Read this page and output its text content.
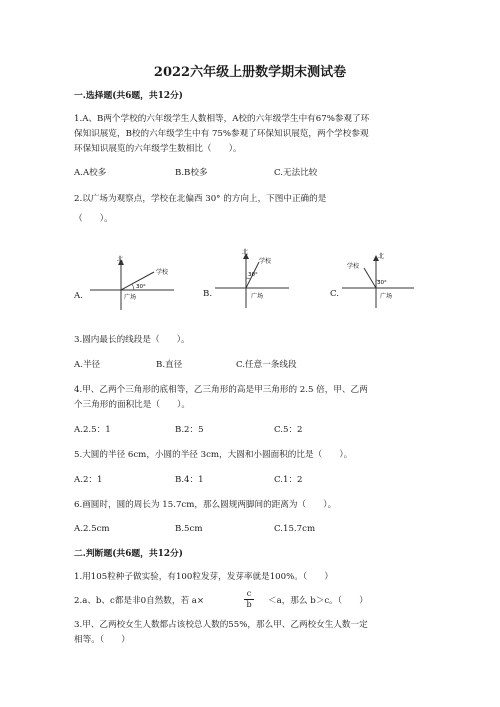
2022六年级上册数学期末测试卷
一.选择题(共6题，共12分)
1.A、B两个学校的六年级学生人数相等，A校的六年级学生中有67%参观了环
保知识展览，B校的六年级学生中有 75%参观了环保知识展览，两个学校参观
环保知识展览的六年级学生数相比（　　）。
A.A校多	B.B校多	C.无法比较
2.以广场为观察点，学校在北偏西 30° 的方向上，下图中正确的是
（　　）。
A.
北
学校
30°
广场	B.
北
学校
30°
广场	C.
北
学校
30°
广场
3.圆内最长的线段是（　　）。
A.半径	B.直径	C.任意一条线段
4.甲、乙两个三角形的底相等，乙三角形的高是甲三角形的 2.5 倍，甲、乙两
个三角形的面积比是（　　）。
A.2.5：1	B.2：5	C.5：2
5.大圆的半径 6cm，小圆的半径 3cm，大圆和小圆面积的比是（　　）。
A.2：1	B.4：1	C.1：2
6.画圆时，圆的周长为 15.7cm，那么圆规两脚间的距离为（　　）。
A.2.5cm	B.5cm	C.15.7cm
二.判断题(共6题，共12分)
1.用105粒种子做实验，有100粒发芽，发芽率就是100%。（　　）
2.a、b、c都是非0自然数，若 a×	$\frac{c}{b} <a$，那么 b＞c。（　　）
3.甲、乙两校女生人数都占该校总人数的55%，那么甲、乙两校女生人数一定
相等。（　　）
